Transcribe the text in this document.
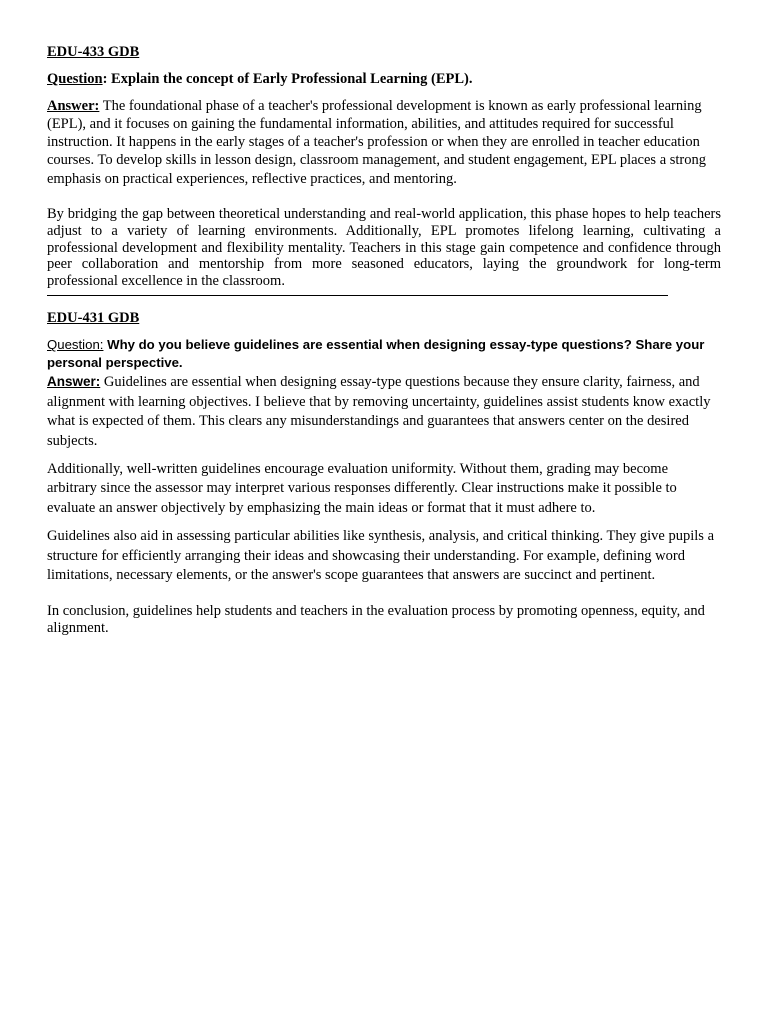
EDU-433 GDB

Question: Explain the concept of Early Professional Learning (EPL).

Answer: The foundational phase of a teacher's professional development is known as early professional learning (EPL), and it focuses on gaining the fundamental information, abilities, and attitudes required for successful instruction. It happens in the early stages of a teacher's profession or when they are enrolled in teacher education courses. To develop skills in lesson design, classroom management, and student engagement, EPL places a strong emphasis on practical experiences, reflective practices, and mentoring.

By bridging the gap between theoretical understanding and real-world application, this phase hopes to help teachers adjust to a variety of learning environments. Additionally, EPL promotes lifelong learning, cultivating a professional development and flexibility mentality. Teachers in this stage gain competence and confidence through peer collaboration and mentorship from more seasoned educators, laying the groundwork for long-term professional excellence in the classroom.

EDU-431 GDB

Question: Why do you believe guidelines are essential when designing essay-type questions? Share your personal perspective.

Answer: Guidelines are essential when designing essay-type questions because they ensure clarity, fairness, and alignment with learning objectives. I believe that by removing uncertainty, guidelines assist students know exactly what is expected of them. This clears any misunderstandings and guarantees that answers center on the desired subjects.

Additionally, well-written guidelines encourage evaluation uniformity. Without them, grading may become arbitrary since the assessor may interpret various responses differently. Clear instructions make it possible to evaluate an answer objectively by emphasizing the main ideas or format that it must adhere to.

Guidelines also aid in assessing particular abilities like synthesis, analysis, and critical thinking. They give pupils a structure for efficiently arranging their ideas and showcasing their understanding. For example, defining word limitations, necessary elements, or the answer's scope guarantees that answers are succinct and pertinent.

In conclusion, guidelines help students and teachers in the evaluation process by promoting openness, equity, and alignment.
